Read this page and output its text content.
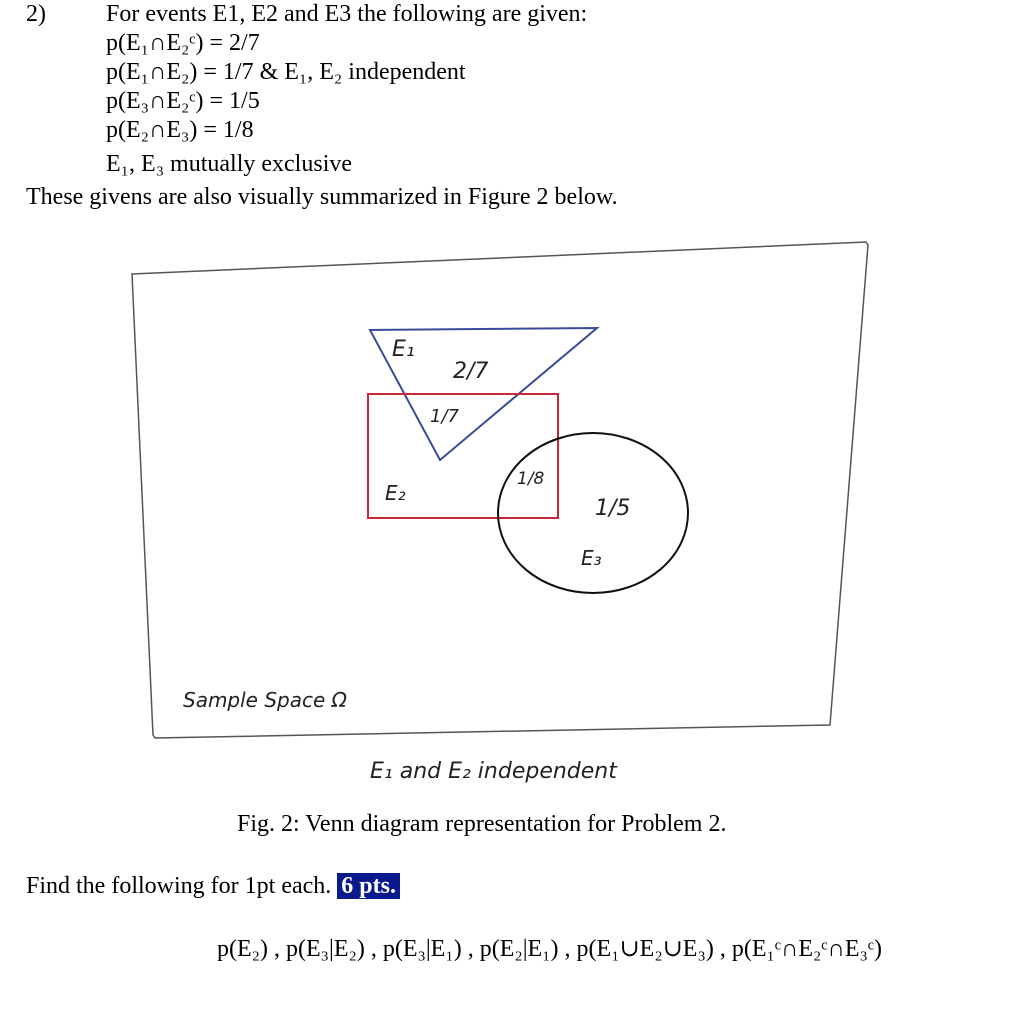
2)	For events E1, E2 and E3 the following are given:
p(E₁∩E₂ᶜ) = 2/7
p(E₁∩E₂) = 1/7 & E₁, E₂ independent
p(E₃∩E₂ᶜ) = 1/5
p(E₂∩E₃) = 1/8
E₁, E₃ mutually exclusive
These givens are also visually summarized in Figure 2 below.
E₁
2/7
1/7
E₂
1/8
1/5
E₃
Sample Space Ω
E₁ and E₂ independent
Fig. 2: Venn diagram representation for Problem 2.
Find the following for 1pt each. 6 pts.
p(E₂) , p(E₃|E₂) , p(E₃|E₁) , p(E₂|E₁) , p(E₁∪E₂∪E₃) , p(E₁ᶜ∩E₂ᶜ∩E₃ᶜ)
